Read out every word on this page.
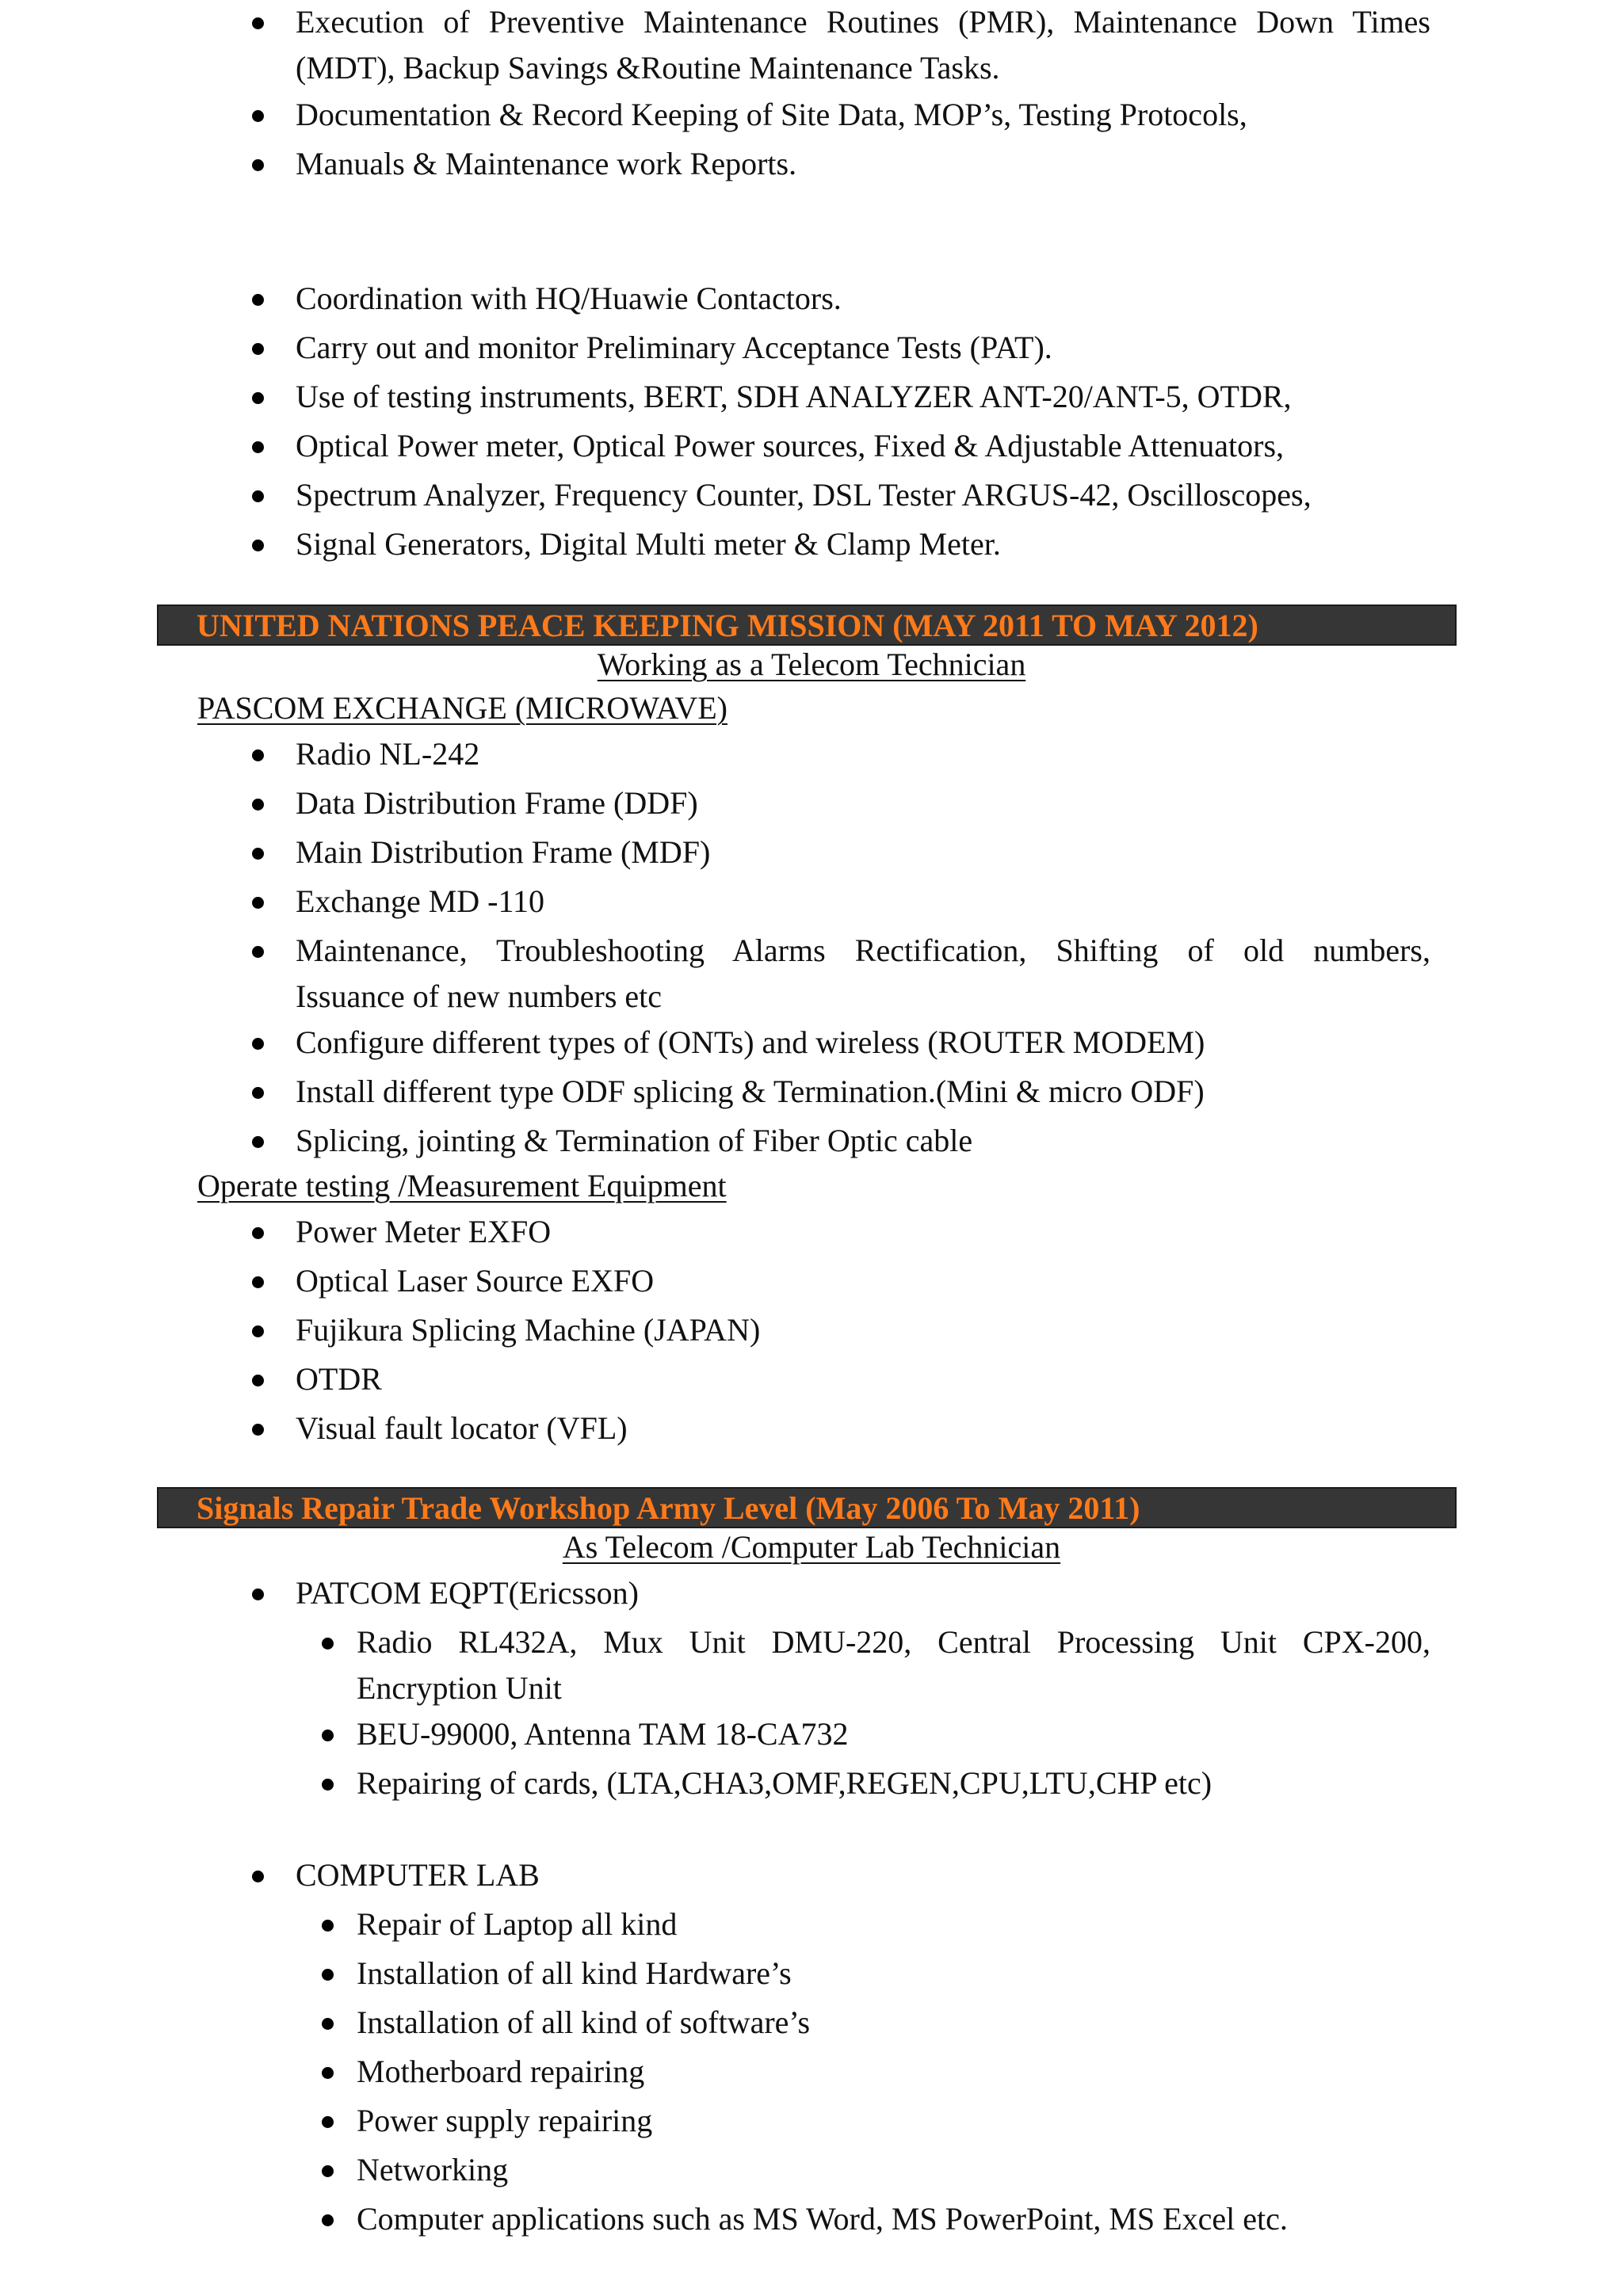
Execution of Preventive Maintenance Routines (PMR), Maintenance Down Times
(MDT), Backup Savings &Routine Maintenance Tasks.
Documentation & Record Keeping of Site Data, MOP’s, Testing Protocols,
Manuals & Maintenance work Reports.
Coordination with HQ/Huawie Contactors.
Carry out and monitor Preliminary Acceptance Tests (PAT).
Use of testing instruments, BERT, SDH ANALYZER ANT-20/ANT-5, OTDR,
Optical Power meter, Optical Power sources, Fixed & Adjustable Attenuators,
Spectrum Analyzer, Frequency Counter, DSL Tester ARGUS-42, Oscilloscopes,
Signal Generators, Digital Multi meter & Clamp Meter.
UNITED NATIONS PEACE KEEPING MISSION (MAY 2011 TO MAY 2012)
Working as a Telecom Technician
PASCOM EXCHANGE (MICROWAVE)
Radio NL-242
Data Distribution Frame (DDF)
Main Distribution Frame (MDF)
Exchange MD -110
Maintenance, Troubleshooting Alarms Rectification, Shifting of old numbers,
Issuance of new numbers etc
Configure different types of (ONTs) and wireless (ROUTER MODEM)
Install different type ODF splicing & Termination.(Mini & micro ODF)
Splicing, jointing & Termination of Fiber Optic cable
Operate testing /Measurement Equipment
Power Meter EXFO
Optical Laser Source EXFO
Fujikura Splicing Machine (JAPAN)
OTDR
Visual fault locator (VFL)
Signals Repair Trade Workshop Army Level (May 2006 To May 2011)
As Telecom /Computer Lab Technician
PATCOM EQPT(Ericsson)
Radio RL432A, Mux Unit DMU-220, Central Processing Unit CPX-200,
Encryption Unit
BEU-99000, Antenna TAM 18-CA732
Repairing of cards, (LTA,CHA3,OMF,REGEN,CPU,LTU,CHP etc)
COMPUTER LAB
Repair of Laptop all kind
Installation of all kind Hardware’s
Installation of all kind of software’s
Motherboard repairing
Power supply repairing
Networking
Computer applications such as MS Word, MS PowerPoint, MS Excel etc.
